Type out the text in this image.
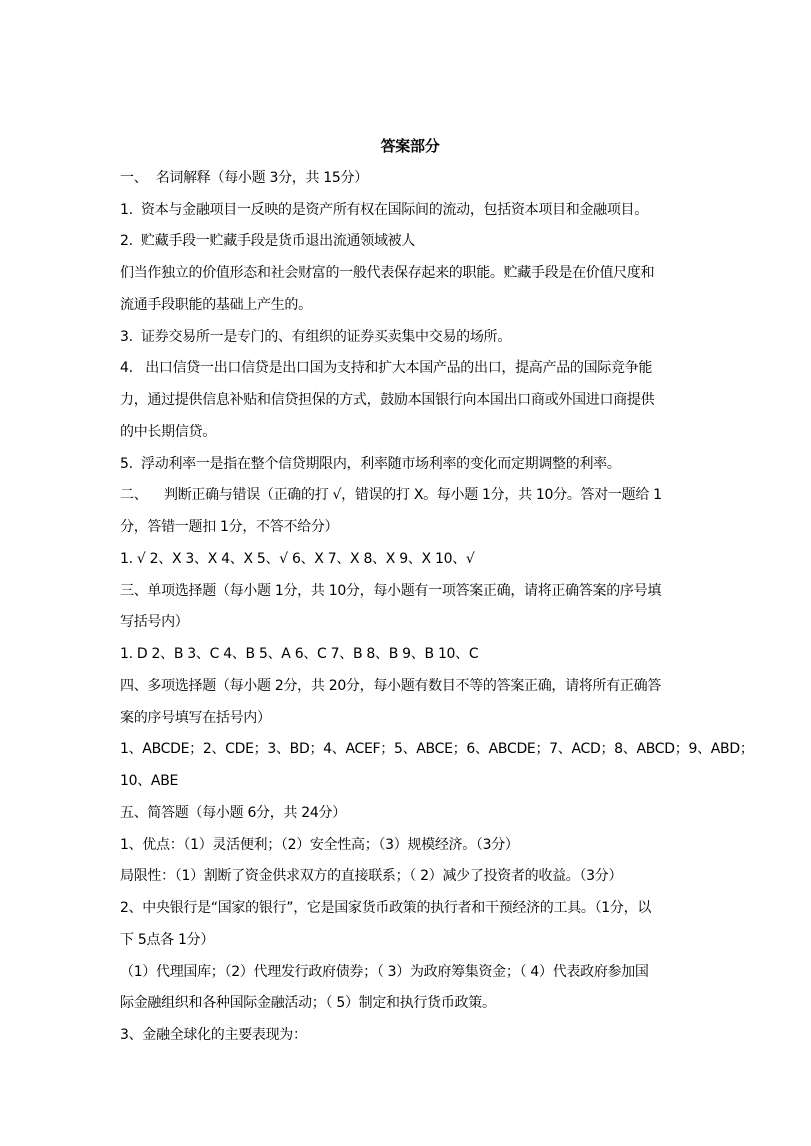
答案部分
一、  名词解释（每小题 3分，共 15分）
1.  资本与金融项目一反映的是资产所有权在国际间的流动，包括资本项目和金融项目。
2.  贮藏手段一贮藏手段是货币退出流通领域被人
们当作独立的价值形态和社会财富的一般代表保存起来的职能。贮藏手段是在价值尺度和
流通手段职能的基础上产生的。
3.  证券交易所一是专门的、有组织的证券买卖集中交易的场所。
4.   出口信贷一出口信贷是出口国为支持和扩大本国产品的出口，提高产品的国际竞争能
力，通过提供信息补贴和信贷担保的方式，鼓励本国银行向本国出口商或外国进口商提供
的中长期信贷。
5.  浮动利率一是指在整个信贷期限内，利率随市场利率的变化而定期调整的利率。
二、    判断正确与错误（正确的打 √，错误的打 X。每小题 1分，共 10分。答对一题给 1
分，答错一题扣 1分，不答不给分）
1. √ 2、X 3、X 4、X 5、√ 6、X 7、X 8、X 9、X 10、√
三、单项选择题（每小题 1分，共 10分，每小题有一项答案正确，请将正确答案的序号填
写括号内）
1. D 2、B 3、C 4、B 5、A 6、C 7、B 8、B 9、B 10、C
四、多项选择题（每小题 2分，共 20分，每小题有数目不等的答案正确，请将所有正确答
案的序号填写在括号内）
1、ABCDE；2、CDE；3、BD；4、ACEF；5、ABCE；6、ABCDE；7、ACD；8、ABCD；9、ABD；
10、ABE
五、简答题（每小题 6分，共 24分）
1、优点：（1）灵活便利；（2）安全性高；（3）规模经济。（3分）
局限性：（1）割断了资金供求双方的直接联系；（ 2）减少了投资者的收益。（3分）
2、中央银行是“国家的银行”，它是国家货币政策的执行者和干预经济的工具。（1分，以
下 5点各 1分）
（1）代理国库；（2）代理发行政府债券；（ 3）为政府筹集资金；（ 4）代表政府参加国
际金融组织和各种国际金融活动；（ 5）制定和执行货币政策。
3、金融全球化的主要表现为：
